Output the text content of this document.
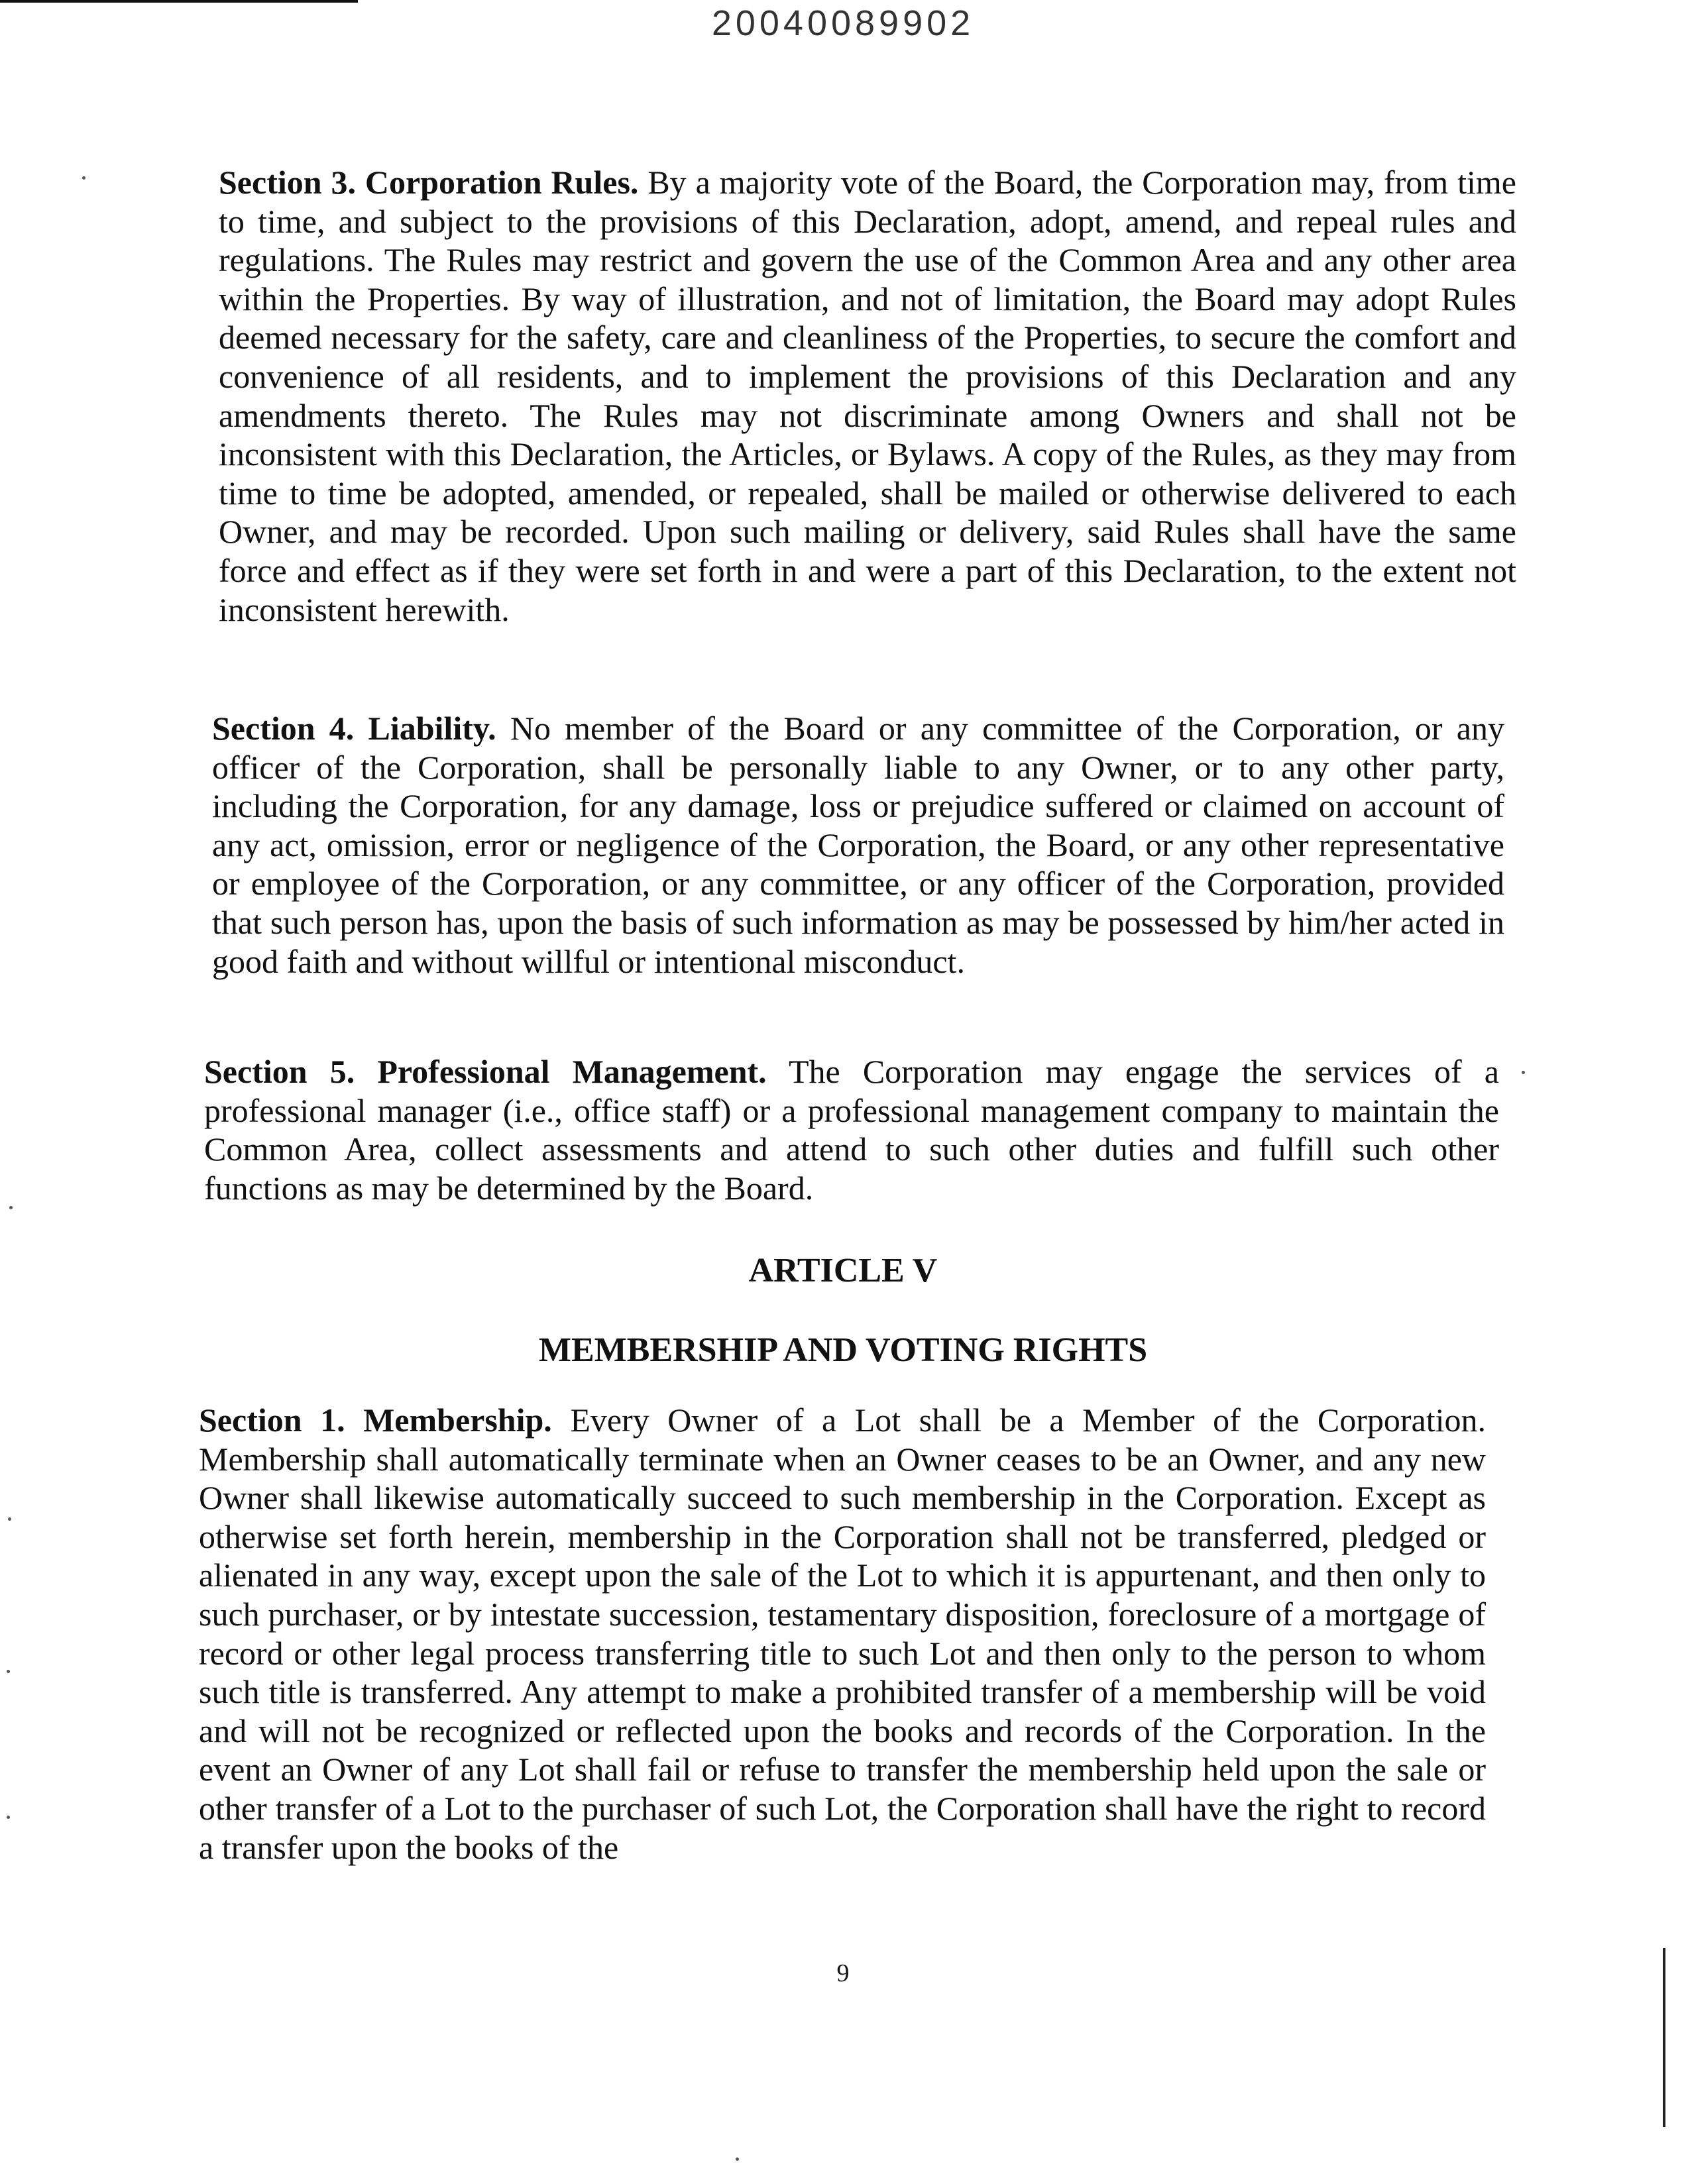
20040089902

Section 3. Corporation Rules. By a majority vote of the Board, the Corporation may, from time to time, and subject to the provisions of this Declaration, adopt, amend, and repeal rules and regulations. The Rules may restrict and govern the use of the Common Area and any other area within the Properties. By way of illustration, and not of limitation, the Board may adopt Rules deemed necessary for the safety, care and cleanliness of the Properties, to secure the comfort and convenience of all residents, and to implement the provisions of this Declaration and any amendments thereto. The Rules may not discriminate among Owners and shall not be inconsistent with this Declaration, the Articles, or Bylaws. A copy of the Rules, as they may from time to time be adopted, amended, or repealed, shall be mailed or otherwise delivered to each Owner, and may be recorded. Upon such mailing or delivery, said Rules shall have the same force and effect as if they were set forth in and were a part of this Declaration, to the extent not inconsistent herewith.

Section 4. Liability. No member of the Board or any committee of the Corporation, or any officer of the Corporation, shall be personally liable to any Owner, or to any other party, including the Corporation, for any damage, loss or prejudice suffered or claimed on account of any act, omission, error or negligence of the Corporation, the Board, or any other representative or employee of the Corporation, or any committee, or any officer of the Corporation, provided that such person has, upon the basis of such information as may be possessed by him/her acted in good faith and without willful or intentional misconduct.

Section 5. Professional Management. The Corporation may engage the services of a professional manager (i.e., office staff) or a professional management company to maintain the Common Area, collect assessments and attend to such other duties and fulfill such other functions as may be determined by the Board.

ARTICLE V
MEMBERSHIP AND VOTING RIGHTS

Section 1. Membership. Every Owner of a Lot shall be a Member of the Corporation. Membership shall automatically terminate when an Owner ceases to be an Owner, and any new Owner shall likewise automatically succeed to such membership in the Corporation. Except as otherwise set forth herein, membership in the Corporation shall not be transferred, pledged or alienated in any way, except upon the sale of the Lot to which it is appurtenant, and then only to such purchaser, or by intestate succession, testamentary disposition, foreclosure of a mortgage of record or other legal process transferring title to such Lot and then only to the person to whom such title is transferred. Any attempt to make a prohibited transfer of a membership will be void and will not be recognized or reflected upon the books and records of the Corporation. In the event an Owner of any Lot shall fail or refuse to transfer the membership held upon the sale or other transfer of a Lot to the purchaser of such Lot, the Corporation shall have the right to record a transfer upon the books of the

9
